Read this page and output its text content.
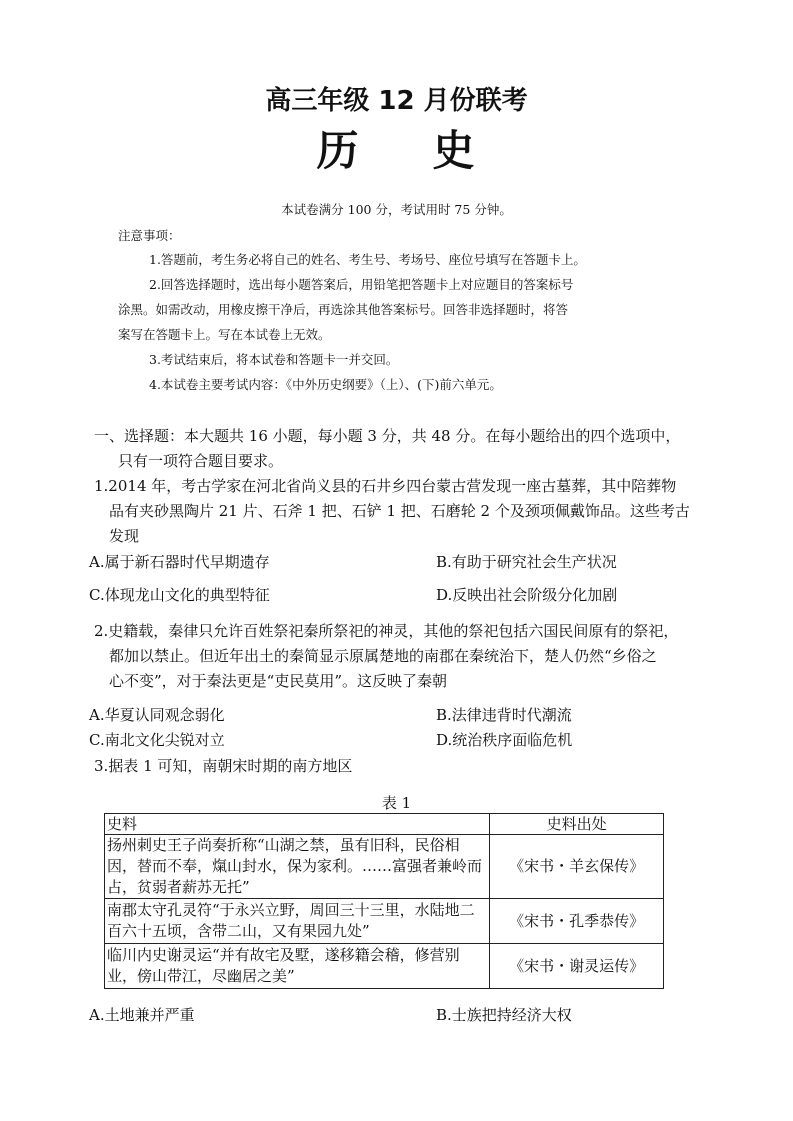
高三年级 12 月份联考
历 史
本试卷满分 100 分，考试用时 75 分钟。
注意事项：
1.答题前，考生务必将自己的姓名、考生号、考场号、座位号填写在答题卡上。
2.回答选择题时，选出每小题答案后，用铅笔把答题卡上对应题目的答案标号
涂黑。如需改动，用橡皮擦干净后，再选涂其他答案标号。回答非选择题时，将答
案写在答题卡上。写在本试卷上无效。
3.考试结束后，将本试卷和答题卡一并交回。
4.本试卷主要考试内容：《中外历史纲要》（上）、(下)前六单元。
一、选择题：本大题共 16 小题，每小题 3 分，共 48 分。在每小题给出的四个选项中，
只有一项符合题目要求。
1.2014 年，考古学家在河北省尚义县的石井乡四台蒙古营发现一座古墓葬，其中陪葬物
品有夹砂黑陶片 21 片、石斧 1 把、石铲 1 把、石磨轮 2 个及颈项佩戴饰品。这些考古
发现
A.属于新石器时代早期遗存	B.有助于研究社会生产状况
C.体现龙山文化的典型特征	D.反映出社会阶级分化加剧
2.史籍载，秦律只允许百姓祭祀秦所祭祀的神灵，其他的祭祀包括六国民间原有的祭祀，
都加以禁止。但近年出土的秦简显示原属楚地的南郡在秦统治下，楚人仍然“乡俗之
心不变”，对于秦法更是“吏民莫用”。这反映了秦朝
A.华夏认同观念弱化	B.法律违背时代潮流
C.南北文化尖锐对立	D.统治秩序面临危机
3.据表 1 可知，南朝宋时期的南方地区
表 1
史料	史料出处
扬州刺史王子尚奏折称“山湖之禁，虽有旧科，民俗相因，替而不奉，熂山封水，保为家利。……富强者兼岭而占，贫弱者薪苏无托”	《宋书・羊玄保传》
南郡太守孔灵符“于永兴立野，周回三十三里，水陆地二百六十五顷，含带二山，又有果园九处”	《宋书・孔季恭传》
临川内史谢灵运“并有故宅及墅，遂移籍会稽，修营别业，傍山带江，尽幽居之美”	《宋书・谢灵运传》
A.土地兼并严重	B.士族把持经济大权
